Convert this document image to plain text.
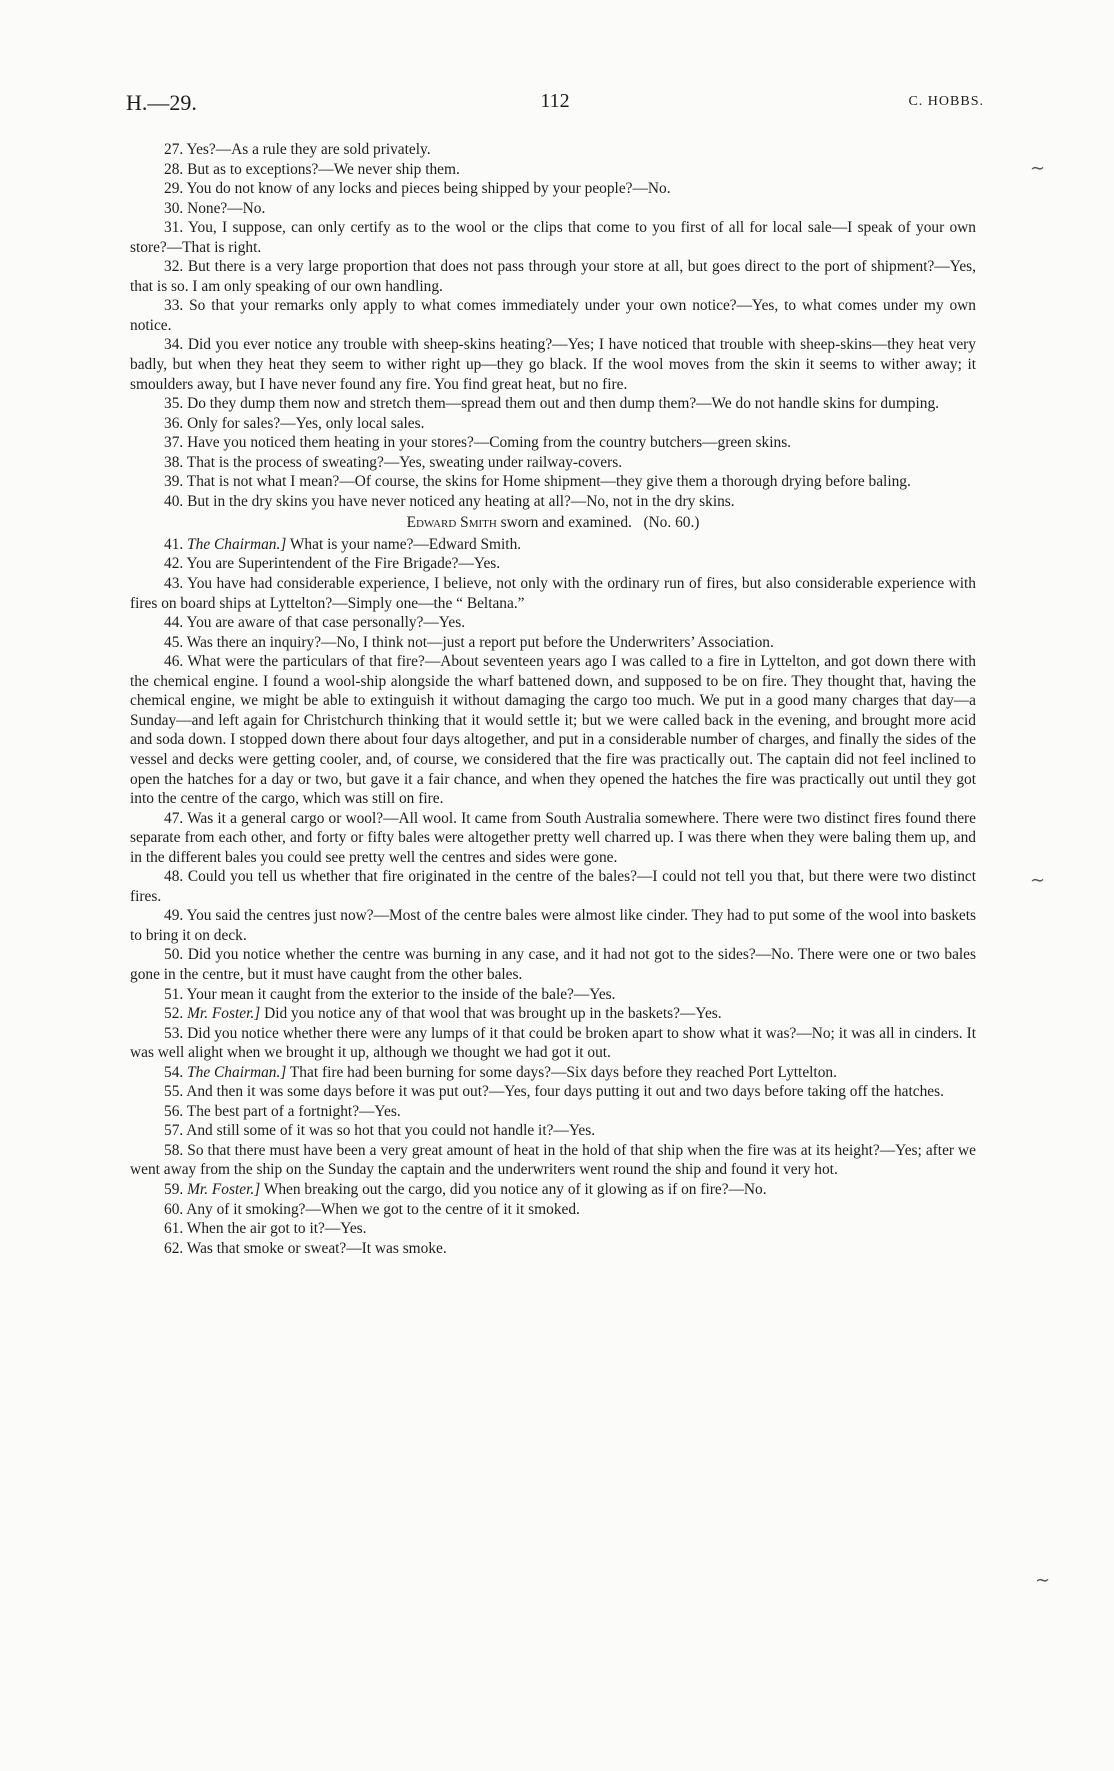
112
H.—29.	C. HOBBS.
∼
∼
∼

27. Yes?—As a rule they are sold privately.

28. But as to exceptions?—We never ship them.

29. You do not know of any locks and pieces being shipped by your people?—No.

30. None?—No.

31. You, I suppose, can only certify as to the wool or the clips that come to you first of all for local sale—I speak of your own store?—That is right.

32. But there is a very large proportion that does not pass through your store at all, but goes direct to the port of shipment?—Yes, that is so. I am only speaking of our own handling.

33. So that your remarks only apply to what comes immediately under your own notice?—Yes, to what comes under my own notice.

34. Did you ever notice any trouble with sheep-skins heating?—Yes; I have noticed that trouble with sheep-skins—they heat very badly, but when they heat they seem to wither right up—they go black. If the wool moves from the skin it seems to wither away; it smoulders away, but I have never found any fire. You find great heat, but no fire.

35. Do they dump them now and stretch them—spread them out and then dump them?—We do not handle skins for dumping.

36. Only for sales?—Yes, only local sales.

37. Have you noticed them heating in your stores?—Coming from the country butchers—green skins.

38. That is the process of sweating?—Yes, sweating under railway-covers.

39. That is not what I mean?—Of course, the skins for Home shipment—they give them a thorough drying before baling.

40. But in the dry skins you have never noticed any heating at all?—No, not in the dry skins.

Edward Smith sworn and examined. (No. 60.)

41. The Chairman.] What is your name?—Edward Smith.

42. You are Superintendent of the Fire Brigade?—Yes.

43. You have had considerable experience, I believe, not only with the ordinary run of fires, but also considerable experience with fires on board ships at Lyttelton?—Simply one—the “ Beltana.”

44. You are aware of that case personally?—Yes.

45. Was there an inquiry?—No, I think not—just a report put before the Underwriters’ Association.

46. What were the particulars of that fire?—About seventeen years ago I was called to a fire in Lyttelton, and got down there with the chemical engine. I found a wool-ship alongside the wharf battened down, and supposed to be on fire. They thought that, having the chemical engine, we might be able to extinguish it without damaging the cargo too much. We put in a good many charges that day—a Sunday—and left again for Christchurch thinking that it would settle it; but we were called back in the evening, and brought more acid and soda down. I stopped down there about four days altogether, and put in a considerable number of charges, and finally the sides of the vessel and decks were getting cooler, and, of course, we considered that the fire was practically out. The captain did not feel inclined to open the hatches for a day or two, but gave it a fair chance, and when they opened the hatches the fire was practically out until they got into the centre of the cargo, which was still on fire.

47. Was it a general cargo or wool?—All wool. It came from South Australia somewhere. There were two distinct fires found there separate from each other, and forty or fifty bales were altogether pretty well charred up. I was there when they were baling them up, and in the different bales you could see pretty well the centres and sides were gone.

48. Could you tell us whether that fire originated in the centre of the bales?—I could not tell you that, but there were two distinct fires.

49. You said the centres just now?—Most of the centre bales were almost like cinder. They had to put some of the wool into baskets to bring it on deck.

50. Did you notice whether the centre was burning in any case, and it had not got to the sides?—No. There were one or two bales gone in the centre, but it must have caught from the other bales.

51. Your mean it caught from the exterior to the inside of the bale?—Yes.

52. Mr. Foster.] Did you notice any of that wool that was brought up in the baskets?—Yes.

53. Did you notice whether there were any lumps of it that could be broken apart to show what it was?—No; it was all in cinders. It was well alight when we brought it up, although we thought we had got it out.

54. The Chairman.] That fire had been burning for some days?—Six days before they reached Port Lyttelton.

55. And then it was some days before it was put out?—Yes, four days putting it out and two days before taking off the hatches.

56. The best part of a fortnight?—Yes.

57. And still some of it was so hot that you could not handle it?—Yes.

58. So that there must have been a very great amount of heat in the hold of that ship when the fire was at its height?—Yes; after we went away from the ship on the Sunday the captain and the underwriters went round the ship and found it very hot.

59. Mr. Foster.] When breaking out the cargo, did you notice any of it glowing as if on fire?—No.

60. Any of it smoking?—When we got to the centre of it it smoked.

61. When the air got to it?—Yes.

62. Was that smoke or sweat?—It was smoke.
